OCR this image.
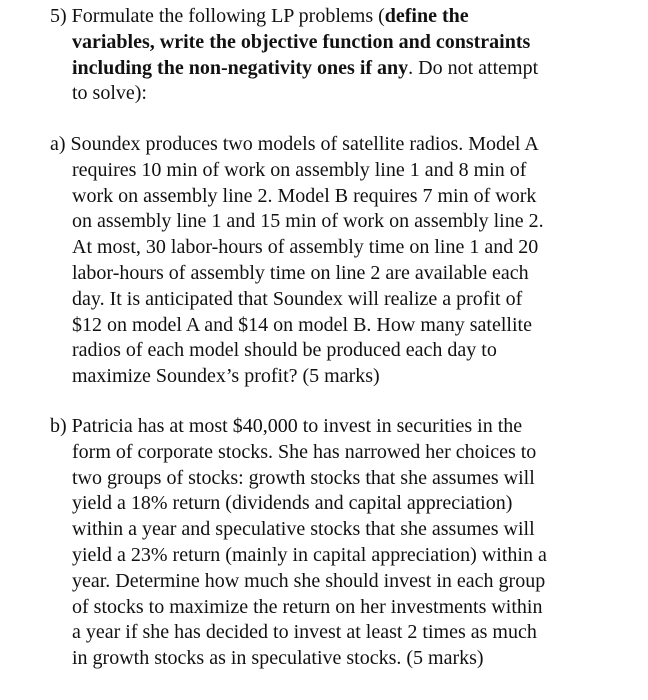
5) Formulate the following LP problems (define the
variables, write the objective function and constraints
including the non-negativity ones if any. Do not attempt
to solve):
a) Soundex produces two models of satellite radios. Model A
requires 10 min of work on assembly line 1 and 8 min of
work on assembly line 2. Model B requires 7 min of work
on assembly line 1 and 15 min of work on assembly line 2.
At most, 30 labor-hours of assembly time on line 1 and 20
labor-hours of assembly time on line 2 are available each
day. It is anticipated that Soundex will realize a profit of
$12 on model A and $14 on model B. How many satellite
radios of each model should be produced each day to
maximize Soundex’s profit? (5 marks)
b) Patricia has at most $40,000 to invest in securities in the
form of corporate stocks. She has narrowed her choices to
two groups of stocks: growth stocks that she assumes will
yield a 18% return (dividends and capital appreciation)
within a year and speculative stocks that she assumes will
yield a 23% return (mainly in capital appreciation) within a
year. Determine how much she should invest in each group
of stocks to maximize the return on her investments within
a year if she has decided to invest at least 2 times as much
in growth stocks as in speculative stocks. (5 marks)
